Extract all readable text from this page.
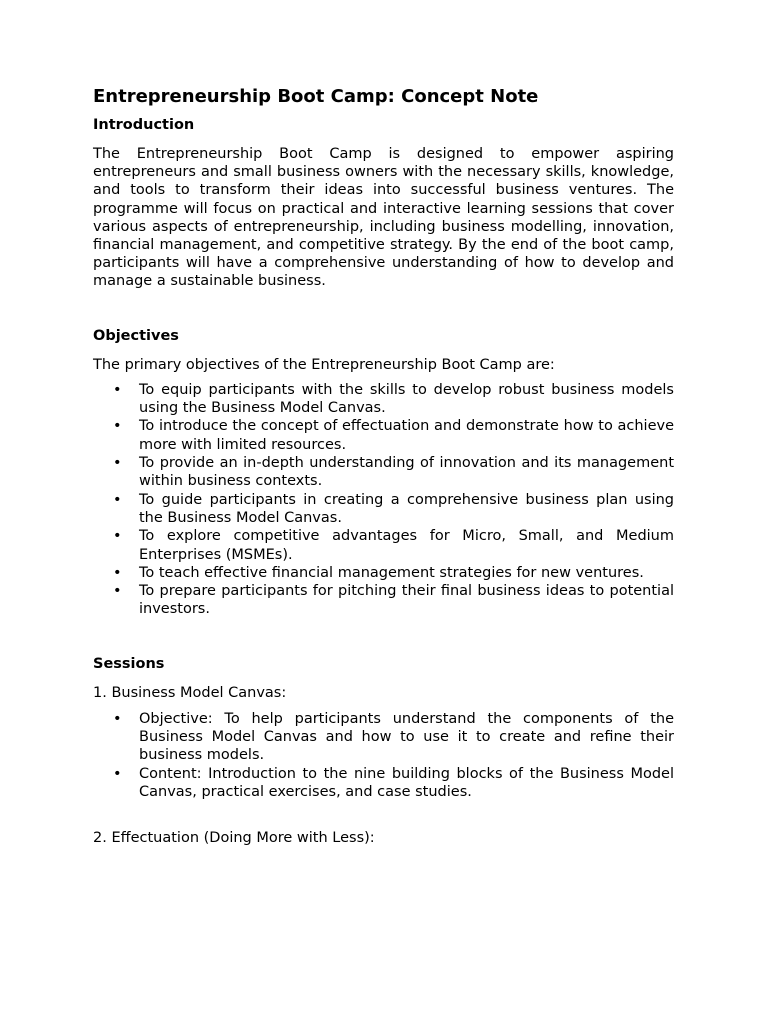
Entrepreneurship Boot Camp: Concept Note
Introduction

The Entrepreneurship Boot Camp is designed to empower aspiring entrepreneurs and small business owners with the necessary skills, knowledge, and tools to transform their ideas into successful business ventures. The programme will focus on practical and interactive learning sessions that cover various aspects of entrepreneurship, including business modelling, innovation, financial management, and competitive strategy. By the end of the boot camp, participants will have a comprehensive understanding of how to develop and manage a sustainable business.

Objectives

The primary objectives of the Entrepreneurship Boot Camp are:

• To equip participants with the skills to develop robust business models using the Business Model Canvas.
• To introduce the concept of effectuation and demonstrate how to achieve more with limited resources.
• To provide an in-depth understanding of innovation and its management within business contexts.
• To guide participants in creating a comprehensive business plan using the Business Model Canvas.
• To explore competitive advantages for Micro, Small, and Medium Enterprises (MSMEs).
• To teach effective financial management strategies for new ventures.
• To prepare participants for pitching their final business ideas to potential investors.
Sessions

1. Business Model Canvas:

• Objective: To help participants understand the components of the Business Model Canvas and how to use it to create and refine their business models.
• Content: Introduction to the nine building blocks of the Business Model Canvas, practical exercises, and case studies.

2. Effectuation (Doing More with Less):
